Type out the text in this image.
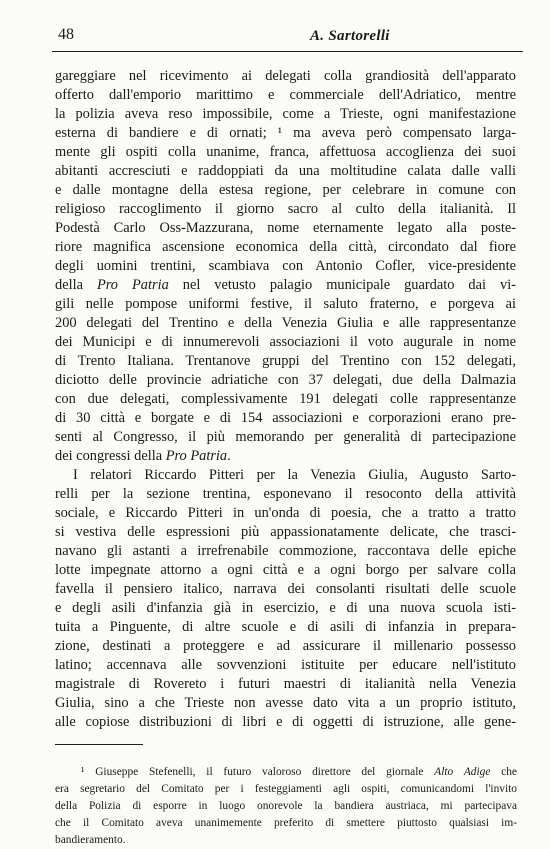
48	A. Sartorelli
gareggiare nel ricevimento ai delegati colla grandiosità dell'apparato
offerto dall'emporio marittimo e commerciale dell'Adriatico, mentre
la polizia aveva reso impossibile, come a Trieste, ogni manifestazione
esterna di bandiere e di ornati; ¹ ma aveva però compensato larga-
mente gli ospiti colla unanime, franca, affettuosa accoglienza dei suoi
abitanti accresciuti e raddoppiati da una moltitudine calata dalle valli
e dalle montagne della estesa regione, per celebrare in comune con
religioso raccoglimento il giorno sacro al culto della italianità. Il
Podestà Carlo Oss-Mazzurana, nome eternamente legato alla poste-
riore magnifica ascensione economica della città, circondato dal fiore
degli uomini trentini, scambiava con Antonio Cofler, vice-presidente
della Pro Patria nel vetusto palagio municipale guardato dai vi-
gili nelle pompose uniformi festive, il saluto fraterno, e porgeva ai
200 delegati del Trentino e della Venezia Giulia e alle rappresentanze
dei Municipi e di innumerevoli associazioni il voto augurale in nome
di Trento Italiana. Trentanove gruppi del Trentino con 152 delegati,
diciotto delle provincie adriatiche con 37 delegati, due della Dalmazia
con due delegati, complessivamente 191 delegati colle rappresentanze
di 30 città e borgate e di 154 associazioni e corporazioni erano pre-
senti al Congresso, il più memorando per generalità di partecipazione
dei congressi della Pro Patria.
I relatori Riccardo Pitteri per la Venezia Giulia, Augusto Sarto-
relli per la sezione trentina, esponevano il resoconto della attività
sociale, e Riccardo Pitteri in un'onda di poesia, che a tratto a tratto
si vestiva delle espressioni più appassionatamente delicate, che trasci-
navano gli astanti a irrefrenabile commozione, raccontava delle epiche
lotte impegnate attorno a ogni città e a ogni borgo per salvare colla
favella il pensiero italico, narrava dei consolanti risultati delle scuole
e degli asili d'infanzia già in esercizio, e di una nuova scuola isti-
tuita a Pinguente, di altre scuole e di asili di infanzia in prepara-
zione, destinati a proteggere e ad assicurare il millenario possesso
latino; accennava alle sovvenzioni istituite per educare nell'istituto
magistrale di Rovereto i futuri maestri di italianità nella Venezia
Giulia, sino a che Trieste non avesse dato vita a un proprio istituto,
alle copiose distribuzioni di libri e di oggetti di istruzione, alle gene-
¹ Giuseppe Stefenelli, il futuro valoroso direttore del giornale Alto Adige che
era segretario del Comitato per i festeggiamenti agli ospiti, comunicandomi l'invito
della Polizia di esporre in luogo onorevole la bandiera austriaca, mi partecipava
che il Comitato aveva unanimemente preferito di smettere piuttosto qualsiasi im-
bandieramento.
